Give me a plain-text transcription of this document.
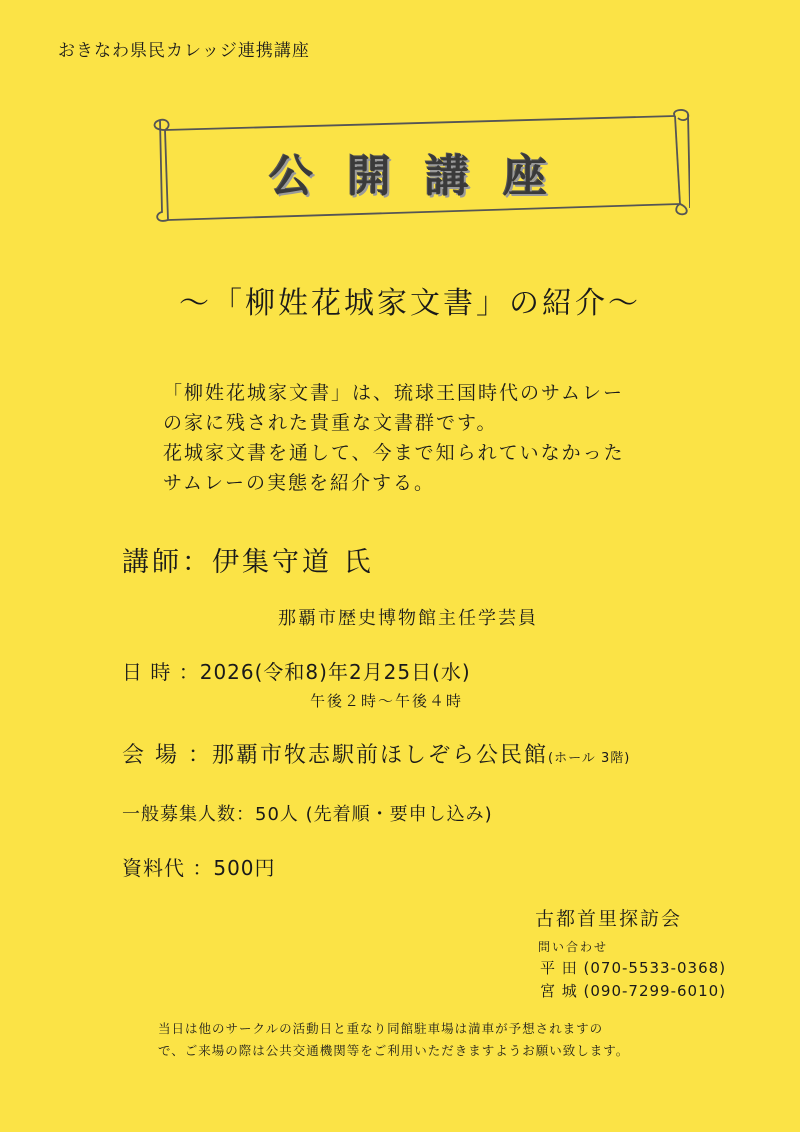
おきなわ県民カレッジ連携講座
公開講座
～「柳姓花城家文書」の紹介～
「柳姓花城家文書」は、琉球王国時代のサムレー
の家に残された貴重な文書群です。
花城家文書を通して、今まで知られていなかった
サムレーの実態を紹介する。
講師：伊集守道 氏
那覇市歴史博物館主任学芸員
日 時 ：2026(令和8)年2月25日(水)
午後２時～午後４時
会 場 ：那覇市牧志駅前ほしぞら公民館(ホール 3階)
一般募集人数：50人 (先着順・要申し込み)
資料代 ：500円
古都首里探訪会
問い合わせ
平 田 (070-5533-0368)
宮 城 (090-7299-6010)
当日は他のサークルの活動日と重なり同館駐車場は満車が予想されますの
で、ご来場の際は公共交通機関等をご利用いただきますようお願い致します。
